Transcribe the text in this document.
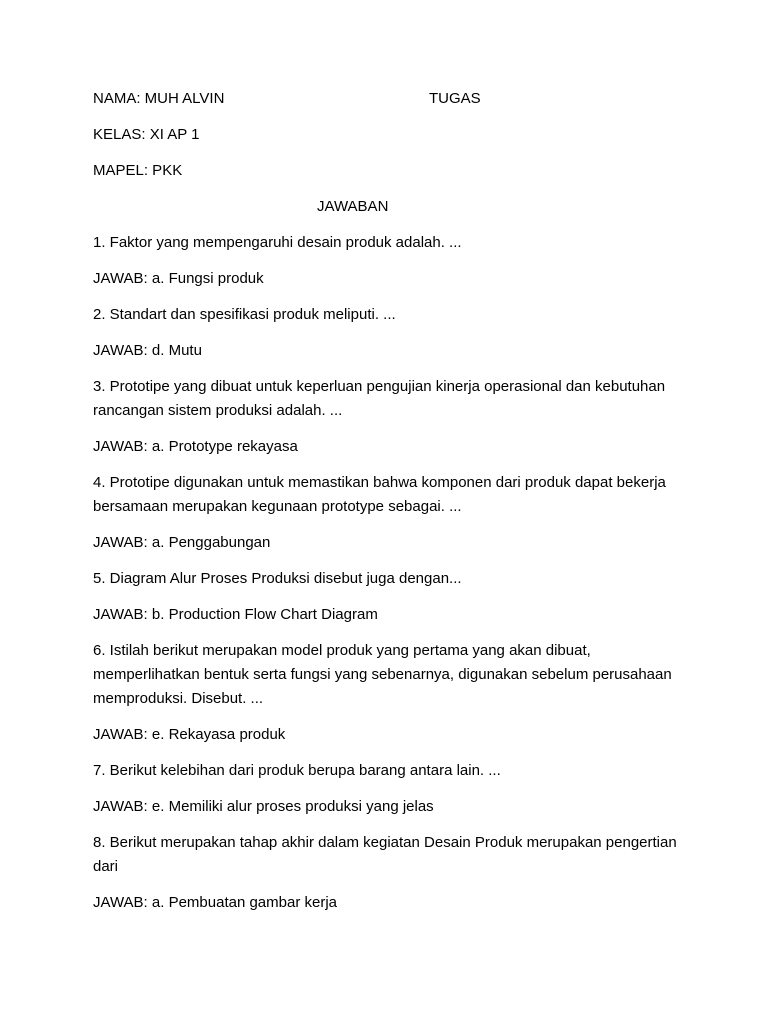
NAMA: MUH ALVIN	TUGAS
KELAS: XI AP 1
MAPEL: PKK
JAWABAN
1. Faktor yang mempengaruhi desain produk adalah. ...
JAWAB: a. Fungsi produk
2. Standart dan spesifikasi produk meliputi. ...
JAWAB: d. Mutu
3. Prototipe yang dibuat untuk keperluan pengujian kinerja operasional dan kebutuhan rancangan sistem produksi adalah. ...
JAWAB: a. Prototype rekayasa
4. Prototipe digunakan untuk memastikan bahwa komponen dari produk dapat bekerja bersamaan merupakan kegunaan prototype sebagai. ...
JAWAB: a. Penggabungan
5. Diagram Alur Proses Produksi disebut juga dengan...
JAWAB: b. Production Flow Chart Diagram
6. Istilah berikut merupakan model produk yang pertama yang akan dibuat, memperlihatkan bentuk serta fungsi yang sebenarnya, digunakan sebelum perusahaan memproduksi. Disebut. ...
JAWAB: e. Rekayasa produk
7. Berikut kelebihan dari produk berupa barang antara lain. ...
JAWAB: e. Memiliki alur proses produksi yang jelas
8. Berikut merupakan tahap akhir dalam kegiatan Desain Produk merupakan pengertian dari
JAWAB: a. Pembuatan gambar kerja
